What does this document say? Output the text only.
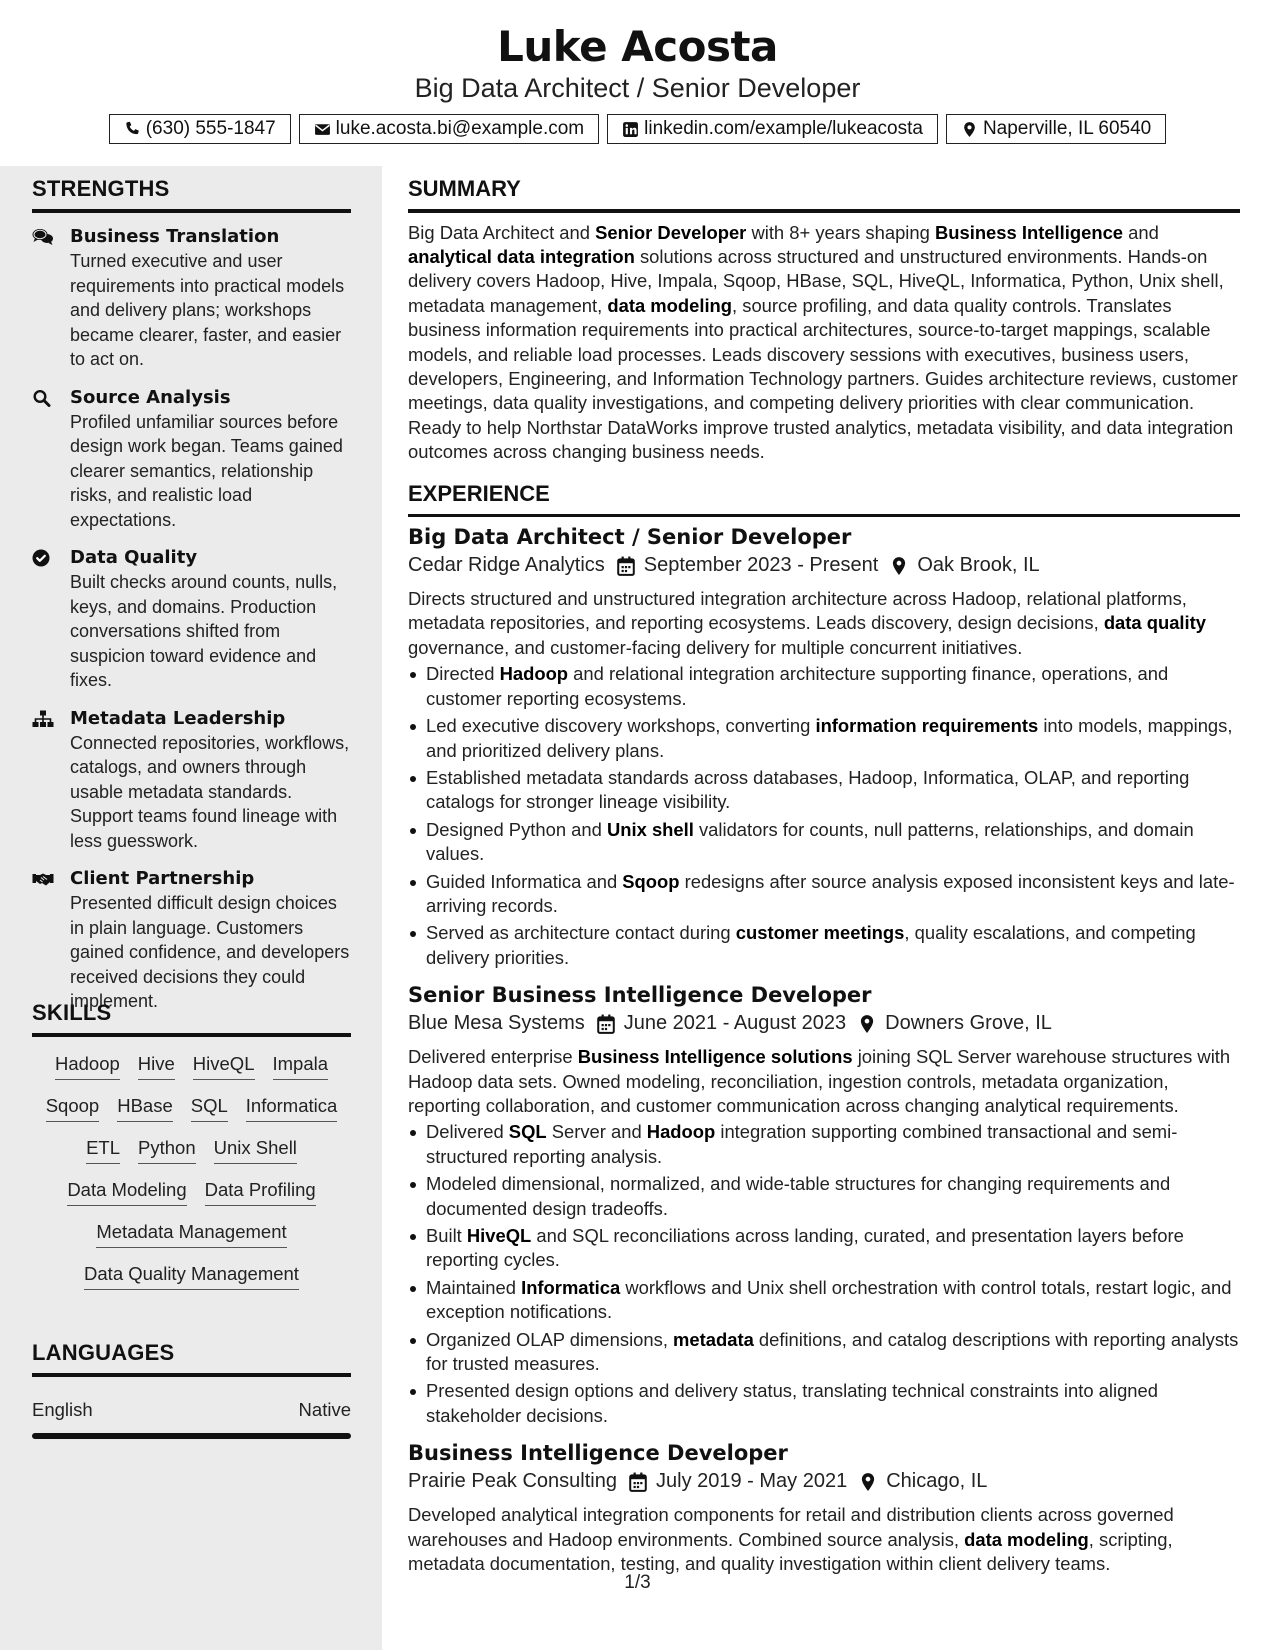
Luke Acosta
Big Data Architect / Senior Developer
(630) 555-1847	luke.acosta.bi@example.com	linkedin.com/example/lukeacosta	Naperville, IL 60540
STRENGTHS
Business Translation
Turned executive and user requirements into practical models and delivery plans; workshops became clearer, faster, and easier to act on.
Source Analysis
Profiled unfamiliar sources before design work began. Teams gained clearer semantics, relationship risks, and realistic load expectations.
Data Quality
Built checks around counts, nulls, keys, and domains. Production conversations shifted from suspicion toward evidence and fixes.
Metadata Leadership
Connected repositories, workflows, catalogs, and owners through usable metadata standards. Support teams found lineage with less guesswork.
Client Partnership
Presented difficult design choices in plain language. Customers gained confidence, and developers received decisions they could implement.
SKILLS
Hadoop Hive HiveQL Impala
Sqoop HBase SQL Informatica
ETL Python Unix Shell
Data Modeling Data Profiling
Metadata Management
Data Quality Management
LANGUAGES
English	Native
SUMMARY

Big Data Architect and Senior Developer with 8+ years shaping Business Intelligence and analytical data integration solutions across structured and unstructured environments. Hands-on delivery covers Hadoop, Hive, Impala, Sqoop, HBase, SQL, HiveQL, Informatica, Python, Unix shell, metadata management, data modeling, source profiling, and data quality controls. Translates business information requirements into practical architectures, source-to-target mappings, scalable models, and reliable load processes. Leads discovery sessions with executives, business users, developers, Engineering, and Information Technology partners. Guides architecture reviews, customer meetings, data quality investigations, and competing delivery priorities with clear communication. Ready to help Northstar DataWorks improve trusted analytics, metadata visibility, and data integration outcomes across changing business needs.

EXPERIENCE
Big Data Architect / Senior Developer
Cedar Ridge Analytics September 2023 - Present Oak Brook, IL

Directs structured and unstructured integration architecture across Hadoop, relational platforms, metadata repositories, and reporting ecosystems. Leads discovery, design decisions, data quality governance, and customer-facing delivery for multiple concurrent initiatives.

Directed Hadoop and relational integration architecture supporting finance, operations, and customer reporting ecosystems.
Led executive discovery workshops, converting information requirements into models, mappings, and prioritized delivery plans.
Established metadata standards across databases, Hadoop, Informatica, OLAP, and reporting catalogs for stronger lineage visibility.
Designed Python and Unix shell validators for counts, null patterns, relationships, and domain values.
Guided Informatica and Sqoop redesigns after source analysis exposed inconsistent keys and late-arriving records.
Served as architecture contact during customer meetings, quality escalations, and competing delivery priorities.
Senior Business Intelligence Developer
Blue Mesa Systems June 2021 - August 2023 Downers Grove, IL

Delivered enterprise Business Intelligence solutions joining SQL Server warehouse structures with Hadoop data sets. Owned modeling, reconciliation, ingestion controls, metadata organization, reporting collaboration, and customer communication across changing analytical requirements.

Delivered SQL Server and Hadoop integration supporting combined transactional and semi-structured reporting analysis.
Modeled dimensional, normalized, and wide-table structures for changing requirements and documented design tradeoffs.
Built HiveQL and SQL reconciliations across landing, curated, and presentation layers before reporting cycles.
Maintained Informatica workflows and Unix shell orchestration with control totals, restart logic, and exception notifications.
Organized OLAP dimensions, metadata definitions, and catalog descriptions with reporting analysts for trusted measures.
Presented design options and delivery status, translating technical constraints into aligned stakeholder decisions.
Business Intelligence Developer
Prairie Peak Consulting July 2019 - May 2021 Chicago, IL

Developed analytical integration components for retail and distribution clients across governed warehouses and Hadoop environments. Combined source analysis, data modeling, scripting, metadata documentation, testing, and quality investigation within client delivery teams.

1/3
